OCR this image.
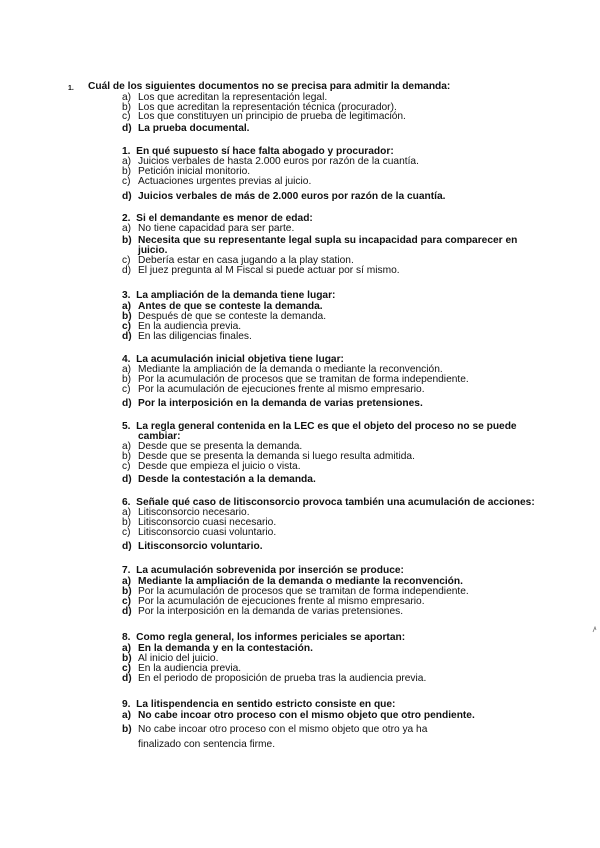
1. Cuál de los siguientes documentos no se precisa para admitir la demanda:
a) Los que acreditan la representación legal.
b) Los que acreditan la representación técnica (procurador).
c) Los que constituyen un principio de prueba de legitimación.
d) La prueba documental.
1. En qué supuesto sí hace falta abogado y procurador:
a) Juicios verbales de hasta 2.000 euros por razón de la cuantía.
b) Petición inicial monitorio.
c) Actuaciones urgentes previas al juicio.
d) Juicios verbales de más de 2.000 euros por razón de la cuantía.
2. Si el demandante es menor de edad:
a) No tiene capacidad para ser parte.
b) Necesita que su representante legal supla su incapacidad para comparecer en
juicio.
c) Debería estar en casa jugando a la play station.
d) El juez pregunta al M Fiscal si puede actuar por sí mismo.
3. La ampliación de la demanda tiene lugar:
a) Antes de que se conteste la demanda.
b) Después de que se conteste la demanda.
c) En la audiencia previa.
d) En las diligencias finales.
4. La acumulación inicial objetiva tiene lugar:
a) Mediante la ampliación de la demanda o mediante la reconvención.
b) Por la acumulación de procesos que se tramitan de forma independiente.
c) Por la acumulación de ejecuciones frente al mismo empresario.
d) Por la interposición en la demanda de varias pretensiones.
5. La regla general contenida en la LEC es que el objeto del proceso no se puede
cambiar:
a) Desde que se presenta la demanda.
b) Desde que se presenta la demanda si luego resulta admitida.
c) Desde que empieza el juicio o vista.
d) Desde la contestación a la demanda.
6. Señale qué caso de litisconsorcio provoca también una acumulación de acciones:
a) Litisconsorcio necesario.
b) Litisconsorcio cuasi necesario.
c) Litisconsorcio cuasi voluntario.
d) Litisconsorcio voluntario.
7. La acumulación sobrevenida por inserción se produce:
a) Mediante la ampliación de la demanda o mediante la reconvención.
b) Por la acumulación de procesos que se tramitan de forma independiente.
c) Por la acumulación de ejecuciones frente al mismo empresario.
d) Por la interposición en la demanda de varias pretensiones.
8. Como regla general, los informes periciales se aportan:
a) En la demanda y en la contestación.
b) Al inicio del juicio.
c) En la audiencia previa.
d) En el periodo de proposición de prueba tras la audiencia previa.
9. La litispendencia en sentido estricto consiste en que:
a) No cabe incoar otro proceso con el mismo objeto que otro pendiente.
b) No cabe incoar otro proceso con el mismo objeto que otro ya ha
finalizado con sentencia firme.
